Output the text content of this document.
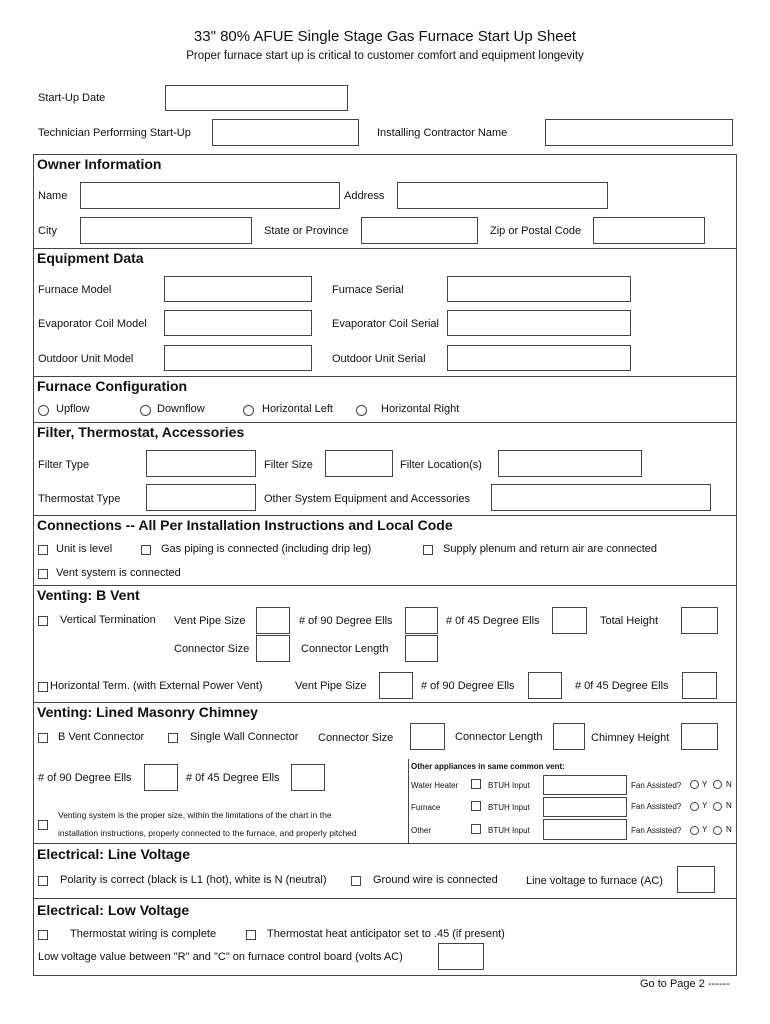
33" 80% AFUE Single Stage Gas Furnace Start Up Sheet
Proper furnace start up is critical to customer comfort and equipment longevity
Start-Up Date
Technician Performing Start-Up	Installing Contractor Name
Owner Information
Name	Address
City	State or Province	Zip or Postal Code
Equipment Data
Furnace Model	Furnace Serial
Evaporator Coil Model	Evaporator Coil Serial
Outdoor Unit Model	Outdoor Unit Serial
Furnace Configuration
Upflow	Downflow	Horizontal Left	Horizontal Right
Filter, Thermostat, Accessories
Filter Type	Filter Size	Filter Location(s)
Thermostat Type	Other System Equipment and Accessories
Connections -- All Per Installation Instructions and Local Code
Unit is level	Gas piping is connected (including drip leg)	Supply plenum and return air are connected
Vent system is connected
Venting: B Vent
Vertical Termination Vent Pipe Size	# of 90 Degree Ells	# 0f 45 Degree Ells	Total Height
Connector Size	Connector Length
Horizontal Term. (with External Power Vent)	Vent Pipe Size	# of 90 Degree Ells	# 0f 45 Degree Ells
Venting: Lined Masonry Chimney
B Vent Connector	Single Wall Connector Connector Size	Connector Length	Chimney Height
# of 90 Degree Ells	# 0f 45 Degree Ells
Venting system is the proper size, within the limitations of the chart in the
installation instructions, properly connected to the furnace, and properly pitched
Other appliances in same common vent:
Water Heater	BTUH Input	Fan Assisted?	Y N
Furnace	BTUH Input	Fan Assisted?	Y N
Other	BTUH Input	Fan Assisted?	Y N
Electrical: Line Voltage
Polarity is correct (black is L1 (hot), white is N (neutral)	Ground wire is connected	Line voltage to furnace (AC)
Electrical: Low Voltage
Thermostat wiring is complete	Thermostat heat anticipator set to .45 (if present)
Low voltage value between "R" and "C" on furnace control board (volts AC)
Go to Page 2 ------
